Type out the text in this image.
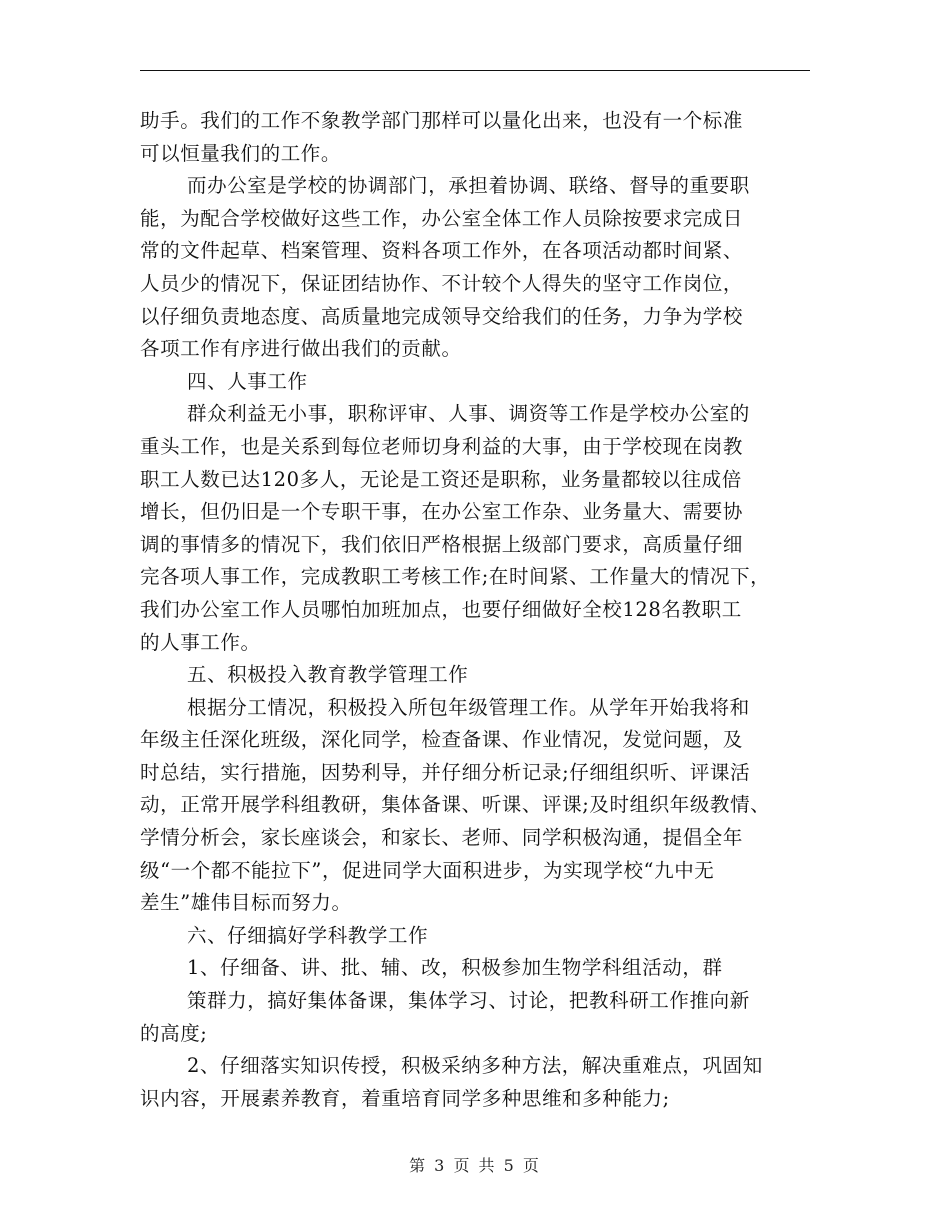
助手。我们的工作不象教学部门那样可以量化出来，也没有一个标准
可以恒量我们的工作。
而办公室是学校的协调部门，承担着协调、联络、督导的重要职
能，为配合学校做好这些工作，办公室全体工作人员除按要求完成日
常的文件起草、档案管理、资料各项工作外，在各项活动都时间紧、
人员少的情况下，保证团结协作、不计较个人得失的坚守工作岗位，
以仔细负责地态度、高质量地完成领导交给我们的任务，力争为学校
各项工作有序进行做出我们的贡献。
四、人事工作
群众利益无小事，职称评审、人事、调资等工作是学校办公室的
重头工作，也是关系到每位老师切身利益的大事，由于学校现在岗教
职工人数已达120多人，无论是工资还是职称，业务量都较以往成倍
增长，但仍旧是一个专职干事，在办公室工作杂、业务量大、需要协
调的事情多的情况下，我们依旧严格根据上级部门要求，高质量仔细
完各项人事工作，完成教职工考核工作;在时间紧、工作量大的情况下，
我们办公室工作人员哪怕加班加点，也要仔细做好全校128名教职工
的人事工作。
五、积极投入教育教学管理工作
根据分工情况，积极投入所包年级管理工作。从学年开始我将和
年级主任深化班级，深化同学，检查备课、作业情况，发觉问题，及
时总结，实行措施，因势利导，并仔细分析记录;仔细组织听、评课活
动，正常开展学科组教研，集体备课、听课、评课;及时组织年级教情、
学情分析会，家长座谈会，和家长、老师、同学积极沟通，提倡全年
级“一个都不能拉下”，促进同学大面积进步，为实现学校“九中无
差生”雄伟目标而努力。
六、仔细搞好学科教学工作
1、仔细备、讲、批、辅、改，积极参加生物学科组活动，群
策群力，搞好集体备课，集体学习、讨论，把教科研工作推向新
的高度;
2、仔细落实知识传授，积极采纳多种方法，解决重难点，巩固知
识内容，开展素养教育，着重培育同学多种思维和多种能力;
第 3 页 共 5 页
